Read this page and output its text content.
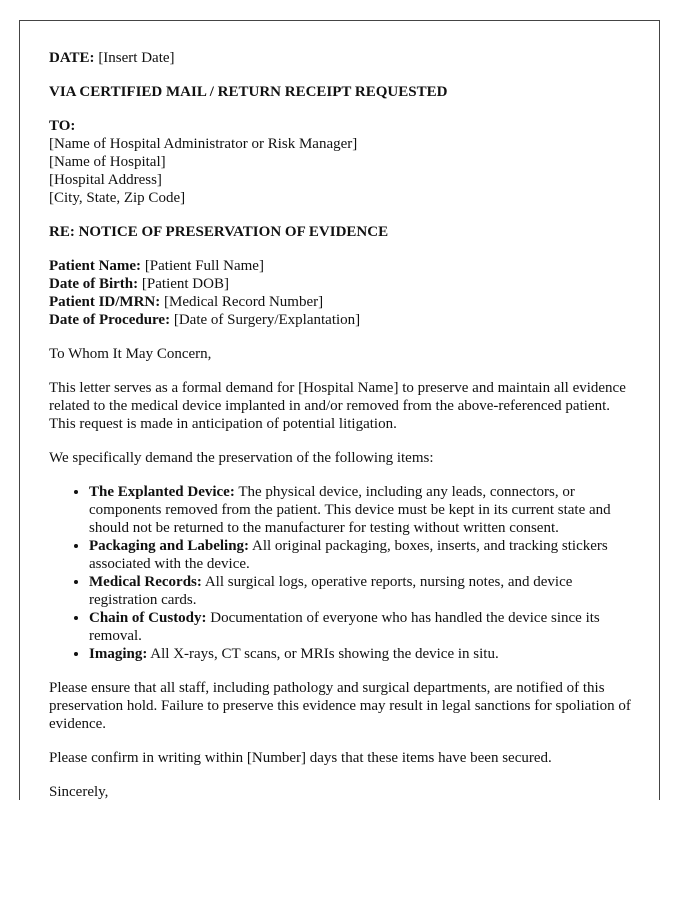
DATE: [Insert Date]

VIA CERTIFIED MAIL / RETURN RECEIPT REQUESTED

TO:

[Name of Hospital Administrator or Risk Manager]

[Name of Hospital]

[Hospital Address]

[City, State, Zip Code]

RE: NOTICE OF PRESERVATION OF EVIDENCE

Patient Name: [Patient Full Name]

Date of Birth: [Patient DOB]

Patient ID/MRN: [Medical Record Number]

Date of Procedure: [Date of Surgery/Explantation]

To Whom It May Concern,

This letter serves as a formal demand for [Hospital Name] to preserve and maintain all evidence related to the medical device implanted in and/or removed from the above-referenced patient. This request is made in anticipation of potential litigation.

We specifically demand the preservation of the following items:

• The Explanted Device: The physical device, including any leads, connectors, or components removed from the patient. This device must be kept in its current state and should not be returned to the manufacturer for testing without written consent.
• Packaging and Labeling: All original packaging, boxes, inserts, and tracking stickers associated with the device.
• Medical Records: All surgical logs, operative reports, nursing notes, and device registration cards.
• Chain of Custody: Documentation of everyone who has handled the device since its removal.
• Imaging: All X-rays, CT scans, or MRIs showing the device in situ.

Please ensure that all staff, including pathology and surgical departments, are notified of this preservation hold. Failure to preserve this evidence may result in legal sanctions for spoliation of evidence.

Please confirm in writing within [Number] days that these items have been secured.

Sincerely,
